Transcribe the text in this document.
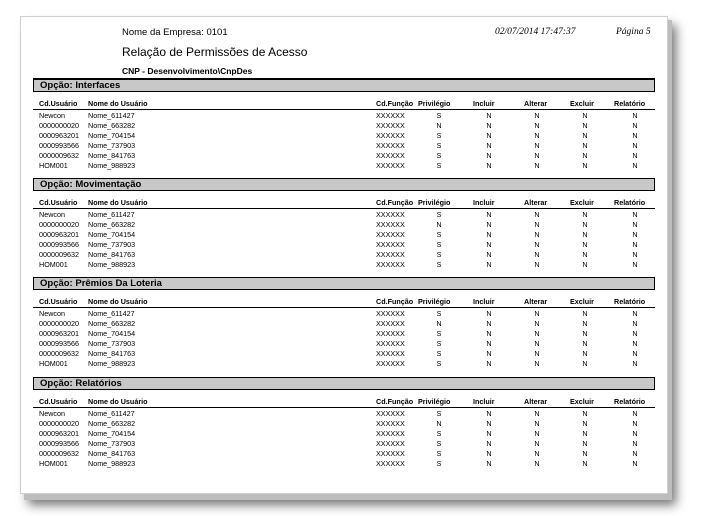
Nome da Empresa: 0101	02/07/2014 17:47:37	Página 5
Relação de Permissões de Acesso
CNP - Desenvolvimento\CnpDes
Opção: Interfaces
Cd.Usuário Nome do Usuário	Cd.Função Privilégio	Incluir	Alterar	Excluir	Relatório
Newcon	Nome_611427	XXXXXX	S	N	N	N	N
0000000020 Nome_663282	XXXXXX	N	N	N	N	N
0000963201 Nome_704154	XXXXXX	S	N	N	N	N
0000993566 Nome_737903	XXXXXX	S	N	N	N	N
0000009632 Nome_841763	XXXXXX	S	N	N	N	N
HOM001	Nome_988923	XXXXXX	S	N	N	N	N
Opção: Movimentação
Cd.Usuário Nome do Usuário	Cd.Função Privilégio	Incluir	Alterar	Excluir	Relatório
Newcon	Nome_611427	XXXXXX	S	N	N	N	N
0000000020 Nome_663282	XXXXXX	N	N	N	N	N
0000963201 Nome_704154	XXXXXX	S	N	N	N	N
0000993566 Nome_737903	XXXXXX	S	N	N	N	N
0000009632 Nome_841763	XXXXXX	S	N	N	N	N
HOM001	Nome_988923	XXXXXX	S	N	N	N	N
Opção: Prêmios Da Loteria
Cd.Usuário Nome do Usuário	Cd.Função Privilégio	Incluir	Alterar	Excluir	Relatório
Newcon	Nome_611427	XXXXXX	S	N	N	N	N
0000000020 Nome_663282	XXXXXX	N	N	N	N	N
0000963201 Nome_704154	XXXXXX	S	N	N	N	N
0000993566 Nome_737903	XXXXXX	S	N	N	N	N
0000009632 Nome_841763	XXXXXX	S	N	N	N	N
HOM001	Nome_988923	XXXXXX	S	N	N	N	N
Opção: Relatórios
Cd.Usuário Nome do Usuário	Cd.Função Privilégio	Incluir	Alterar	Excluir	Relatório
Newcon	Nome_611427	XXXXXX	S	N	N	N	N
0000000020 Nome_663282	XXXXXX	N	N	N	N	N
0000963201 Nome_704154	XXXXXX	S	N	N	N	N
0000993566 Nome_737903	XXXXXX	S	N	N	N	N
0000009632 Nome_841763	XXXXXX	S	N	N	N	N
HOM001	Nome_988923	XXXXXX	S	N	N	N	N
